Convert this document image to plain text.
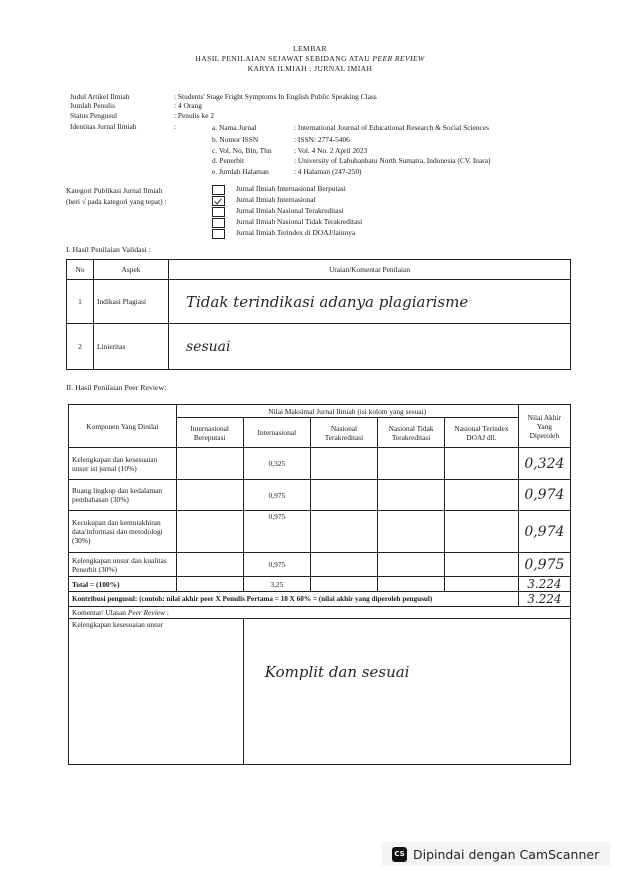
LEMBAR
HASIL PENILAIAN SEJAWAT SEBIDANG ATAU PEER REVIEW
KARYA ILMIAH : JURNAL IMIAH
Judul Artikel Ilmiah	: Students' Stage Fright Symptoms In English Public Speaking Class
Jumlah Penulis	: 4 Orang
Status Pengusul	: Penulis ke 2
Identitas Jurnal Ilmiah	:	a. Nama Jurnal	: International Journal of Educational Research & Social Sciences
b. Nomor ISSN	: ISSN: 2774-5406
c. Vol, No, Bln, Thn	: Vol. 4 No. 2 April 2023
d. Penerbit	: University of Labuhanbatu North Sumatra, Indonesia (CV. Inara)
e. Jumlah Halaman	: 4 Halaman (247-250)
Kategori Publikasi Jurnal Ilmiah
(beri √ pada kategori yang tepat) :
Jurnal Ilmiah Internasional Berputasi
Jurnal Ilmiah Internasional
Jurnal Ilmiah Nasional Terakreditasi
Jurnal Ilmiah Nasional Tidak Terakreditasi
Jurnal Ilmiah Terindex di DOAJ/lainnya
I. Hasil Penilaian Validasi :
No	Aspek	Uraian/Komentar Penilaian
1	Indikasi Plagiasi	Tidak terindikasi adanya plagiarisme
2	Linieritas	sesuai
II. Hasil Penilaian Peer Review:
Komponen Yang Dinilai	Nilai Maksimal Jurnal Ilmiah (isi kolom yang sesuai)					Nilai Akhir Yang Diperoleh
	Internasional Bereputasi	Internasional	Nasional Terakreditasi	Nasional Tidak Terakreditasi	Nasional Terindex DOAJ dll.	
Kelengkapan dan kesesuaian unsur isi jurnal (10%)		0,325				0,324
Ruang lingkup dan kedalaman pembahasan (30%)		0,975				0,974
Kecukupan dan kemutakhiran data/informasi dan metodologi (30%)		0,975				0,974
Kelengkapan unsur dan kualitas Penerbit (30%)		0,975				0,975
Total = (100%)		3,25				3.224
Kontribusi pengusul: (contoh: nilai akhir peer X Penulis Pertama = 18 X 60% = (nilai akhir yang diperoleh pengusul)						3.224
Komentar/ Ulasan Peer Review :						
Kelengkapan kesesuaian unsur		Komplit dan sesuai				
CS Dipindai dengan CamScanner
